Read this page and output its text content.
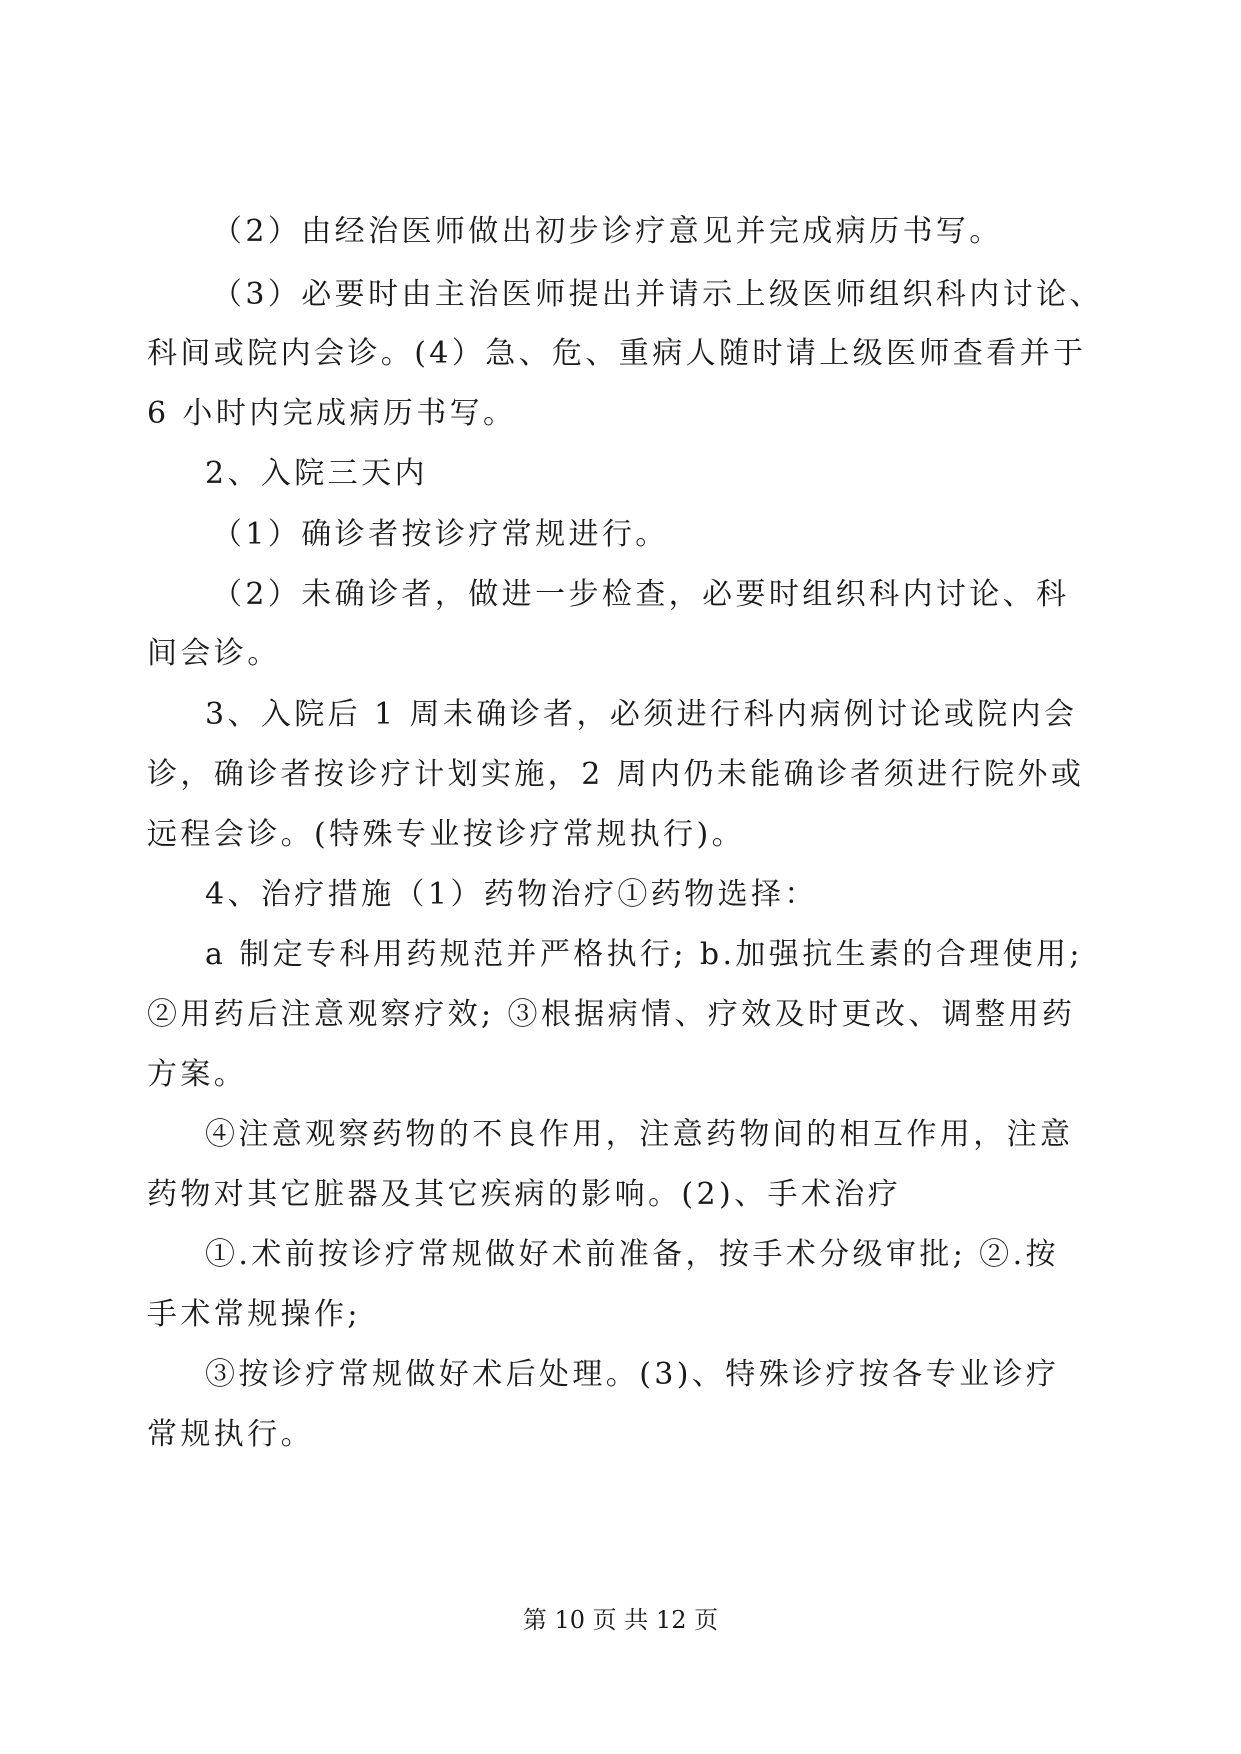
（2）由经治医师做出初步诊疗意见并完成病历书写。
（3）必要时由主治医师提出并请示上级医师组织科内讨论、
科间或院内会诊。(4）急、危、重病人随时请上级医师查看并于
6 小时内完成病历书写。
2、入院三天内
（1）确诊者按诊疗常规进行。
（2）未确诊者，做进一步检查，必要时组织科内讨论、科
间会诊。
3、入院后 1 周未确诊者，必须进行科内病例讨论或院内会
诊，确诊者按诊疗计划实施，2 周内仍未能确诊者须进行院外或
远程会诊。(特殊专业按诊疗常规执行)。
4、治疗措施（1）药物治疗①药物选择：
a 制定专科用药规范并严格执行; b.加强抗生素的合理使用;
②用药后注意观察疗效; ③根据病情、疗效及时更改、调整用药
方案。
④注意观察药物的不良作用，注意药物间的相互作用，注意
药物对其它脏器及其它疾病的影响。(2)、手术治疗
①.术前按诊疗常规做好术前准备，按手术分级审批; ②.按
手术常规操作;
③按诊疗常规做好术后处理。(3)、特殊诊疗按各专业诊疗
常规执行。
第 10 页 共 12 页
